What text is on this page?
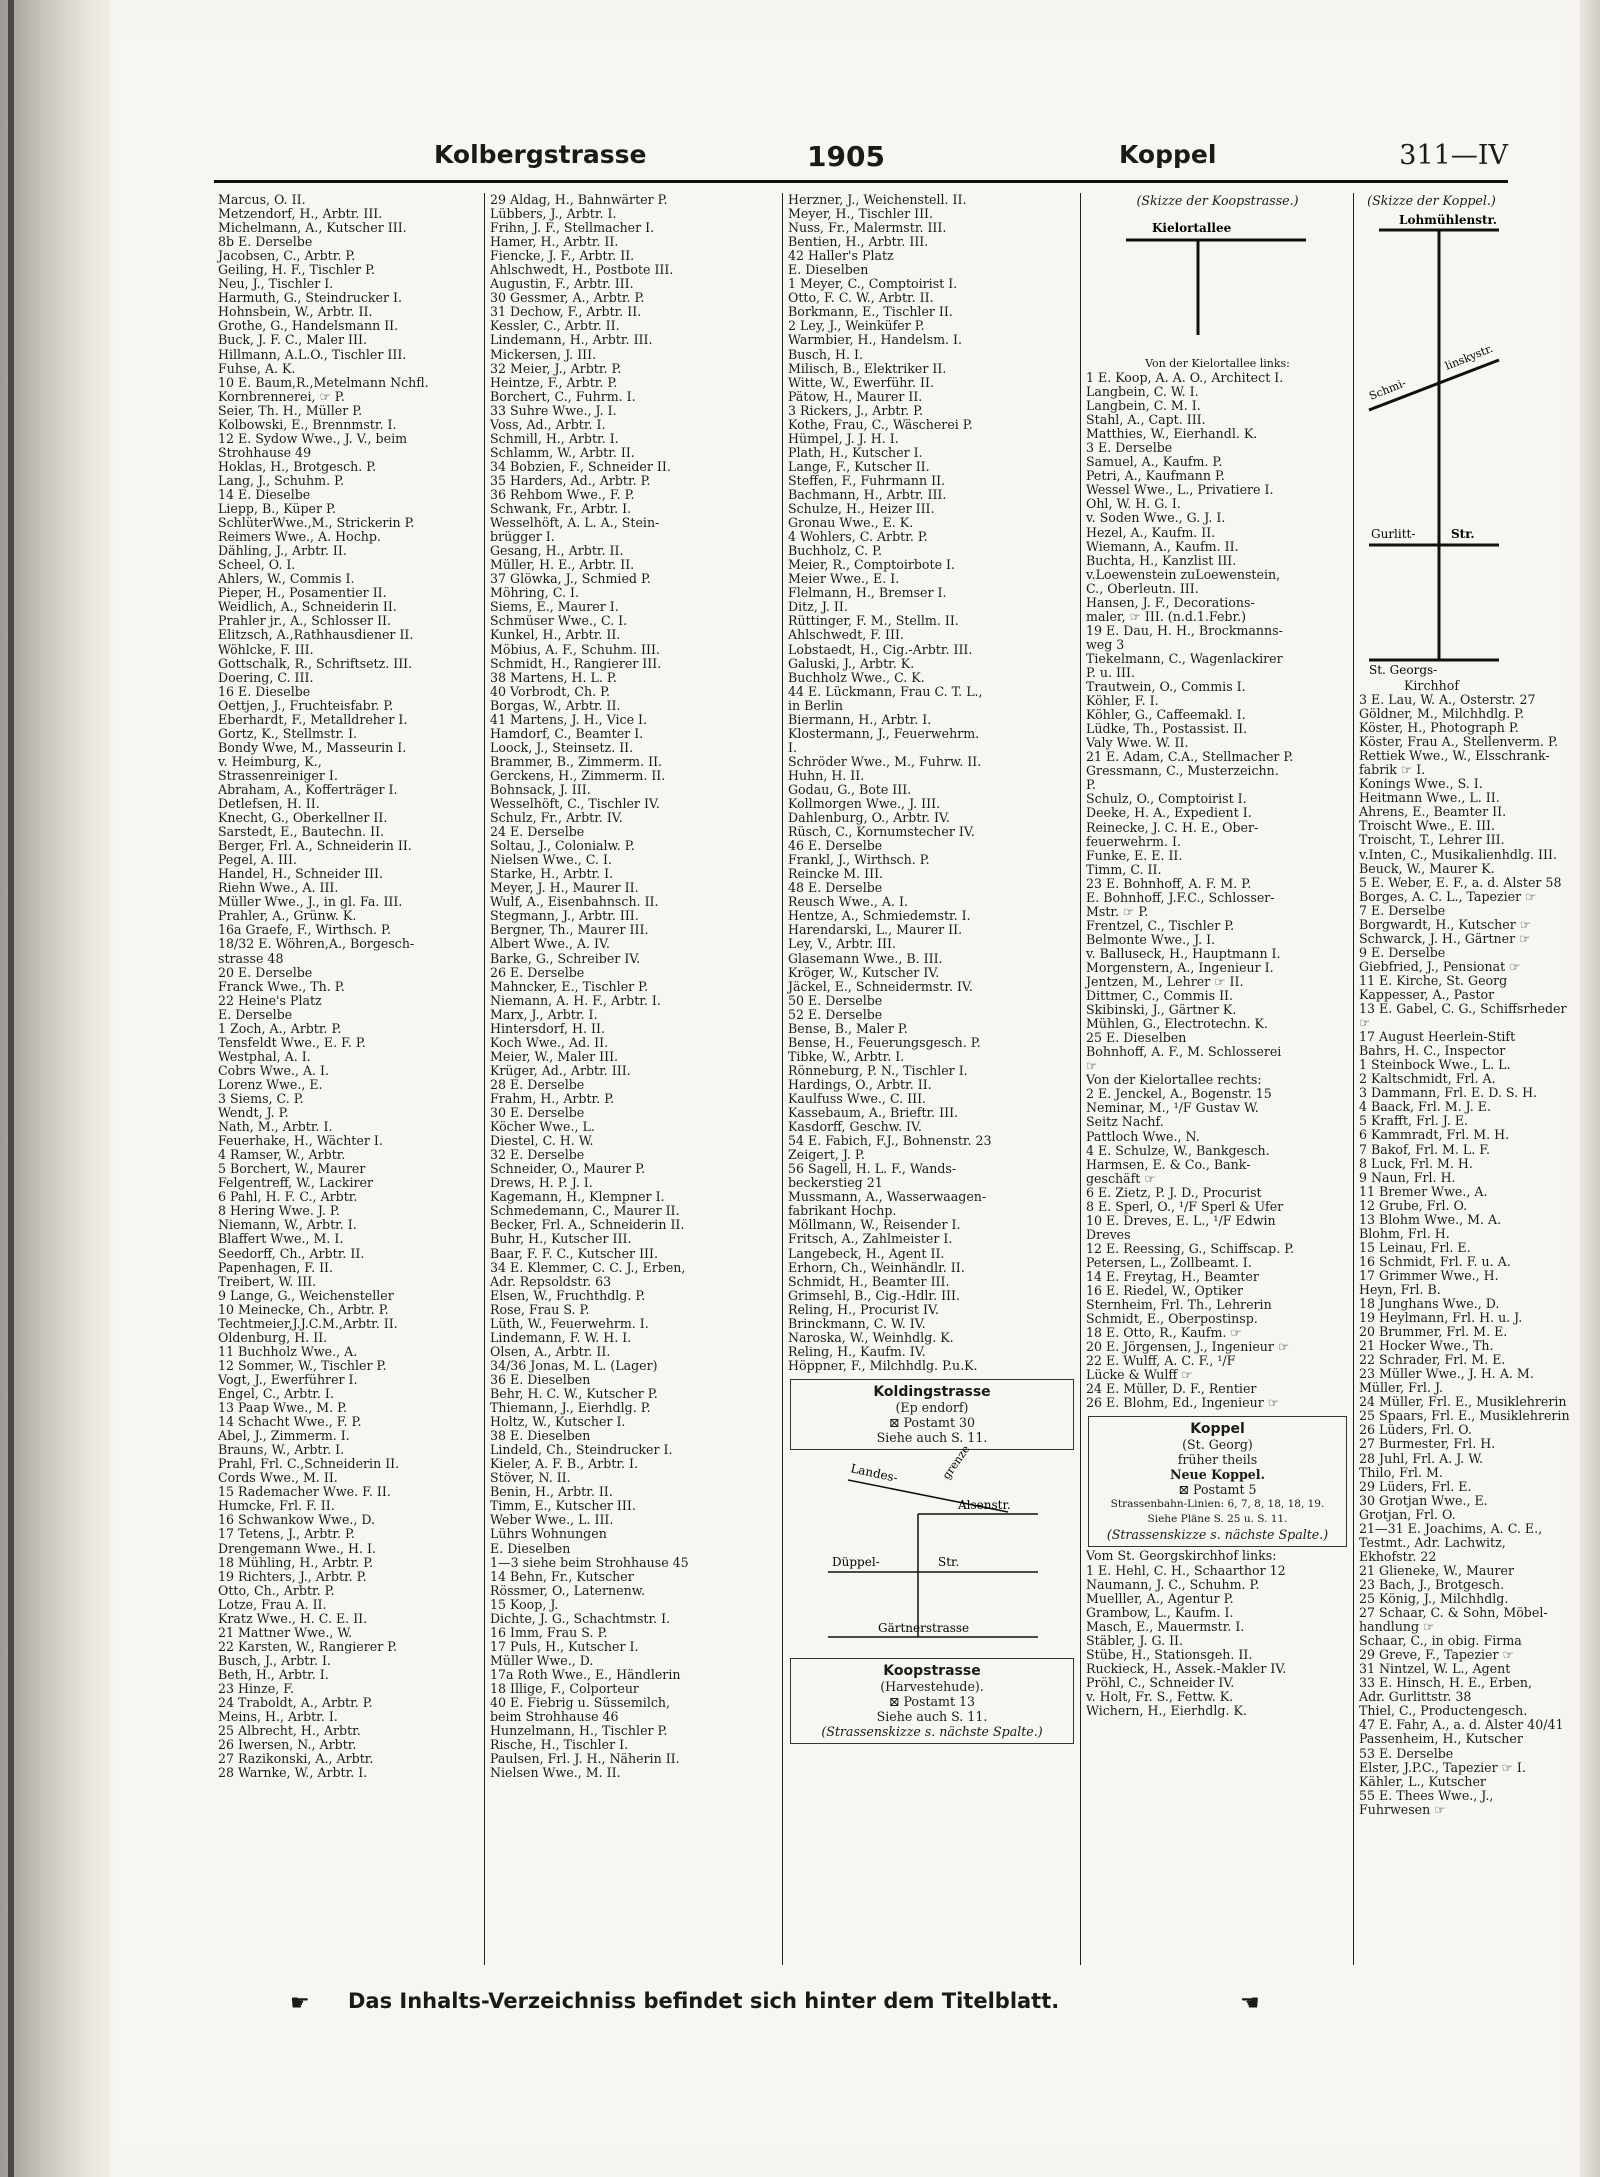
Kolbergstrasse	1905	Koppel	311—IV
Marcus, O. II.
Metzendorf, H., Arbtr. III.
Michelmann, A., Kutscher III.
8b E. Derselbe
Jacobsen, C., Arbtr. P.
Geiling, H. F., Tischler P.
Neu, J., Tischler I.
Harmuth, G., Steindrucker I.
Hohnsbein, W., Arbtr. II.
Grothe, G., Handelsmann II.
Buck, J. F. C., Maler III.
Hillmann, A.L.O., Tischler III.
Fuhse, A. K.
10 E. Baum,R.,Metelmann Nchfl.
Kornbrennerei, ☞ P.
Seier, Th. H., Müller P.
Kolbowski, E., Brennmstr. I.
12 E. Sydow Wwe., J. V., beim
Strohhause 49
Hoklas, H., Brotgesch. P.
Lang, J., Schuhm. P.
14 E. Dieselbe
Liepp, B., Küper P.
SchlüterWwe.,M., Strickerin P.
Reimers Wwe., A. Hochp.
Dähling, J., Arbtr. II.
Scheel, O. I.
Ahlers, W., Commis I.
Pieper, H., Posamentier II.
Weidlich, A., Schneiderin II.
Prahler jr., A., Schlosser II.
Elitzsch, A.,Rathhausdiener II.
Wöhlcke, F. III.
Gottschalk, R., Schriftsetz. III.
Doering, C. III.
16 E. Dieselbe
Oettjen, J., Fruchteisfabr. P.
Eberhardt, F., Metalldreher I.
Gortz, K., Stellmstr. I.
Bondy Wwe, M., Masseurin I.
v. Heimburg, K.,
Strassenreiniger I.
Abraham, A., Kofferträger I.
Detlefsen, H. II.
Knecht, G., Oberkellner II.
Sarstedt, E., Bautechn. II.
Berger, Frl. A., Schneiderin II.
Pegel, A. III.
Handel, H., Schneider III.
Riehn Wwe., A. III.
Müller Wwe., J., in gl. Fa. III.
Prahler, A., Grünw. K.
16a Graefe, F., Wirthsch. P.
18/32 E. Wöhren,A., Borgesch-
strasse 48
20 E. Derselbe
Franck Wwe., Th. P.
22 Heine's Platz
E. Derselbe
1 Zoch, A., Arbtr. P.
Tensfeldt Wwe., E. F. P.
Westphal, A. I.
Cobrs Wwe., A. I.
Lorenz Wwe., E.
3 Siems, C. P.
Wendt, J. P.
Nath, M., Arbtr. I.
Feuerhake, H., Wächter I.
4 Ramser, W., Arbtr.
5 Borchert, W., Maurer
Felgentreff, W., Lackirer
6 Pahl, H. F. C., Arbtr.
8 Hering Wwe. J. P.
Niemann, W., Arbtr. I.
Blaffert Wwe., M. I.
Seedorff, Ch., Arbtr. II.
Papenhagen, F. II.
Treibert, W. III.
9 Lange, G., Weichensteller
10 Meinecke, Ch., Arbtr. P.
Techtmeier,J.J.C.M.,Arbtr. II.
Oldenburg, H. II.
11 Buchholz Wwe., A.
12 Sommer, W., Tischler P.
Vogt, J., Ewerführer I.
Engel, C., Arbtr. I.
13 Paap Wwe., M. P.
14 Schacht Wwe., F. P.
Abel, J., Zimmerm. I.
Brauns, W., Arbtr. I.
Prahl, Frl. C.,Schneiderin II.
Cords Wwe., M. II.
15 Rademacher Wwe. F. II.
Humcke, Frl. F. II.
16 Schwankow Wwe., D.
17 Tetens, J., Arbtr. P.
Drengemann Wwe., H. I.
18 Mühling, H., Arbtr. P.
19 Richters, J., Arbtr. P.
Otto, Ch., Arbtr. P.
Lotze, Frau A. II.
Kratz Wwe., H. C. E. II.
21 Mattner Wwe., W.
22 Karsten, W., Rangierer P.
Busch, J., Arbtr. I.
Beth, H., Arbtr. I.
23 Hinze, F.
24 Traboldt, A., Arbtr. P.
Meins, H., Arbtr. I.
25 Albrecht, H., Arbtr.
26 Iwersen, N., Arbtr.
27 Razikonski, A., Arbtr.
28 Warnke, W., Arbtr. I.
29 Aldag, H., Bahnwärter P.
Lübbers, J., Arbtr. I.
Frihn, J. F., Stellmacher I.
Hamer, H., Arbtr. II.
Fiencke, J. F., Arbtr. II.
Ahlschwedt, H., Postbote III.
Augustin, F., Arbtr. III.
30 Gessmer, A., Arbtr. P.
31 Dechow, F., Arbtr. II.
Kessler, C., Arbtr. II.
Lindemann, H., Arbtr. III.
Mickersen, J. III.
32 Meier, J., Arbtr. P.
Heintze, F., Arbtr. P.
Borchert, C., Fuhrm. I.
33 Suhre Wwe., J. I.
Voss, Ad., Arbtr. I.
Schmill, H., Arbtr. I.
Schlamm, W., Arbtr. II.
34 Bobzien, F., Schneider II.
35 Harders, Ad., Arbtr. P.
36 Rehbom Wwe., F. P.
Schwank, Fr., Arbtr. I.
Wesselhöft, A. L. A., Stein-
brügger I.
Gesang, H., Arbtr. II.
Müller, H. E., Arbtr. II.
37 Glöwka, J., Schmied P.
Möhring, C. I.
Siems, E., Maurer I.
Schmüser Wwe., C. I.
Kunkel, H., Arbtr. II.
Möbius, A. F., Schuhm. III.
Schmidt, H., Rangierer III.
38 Martens, H. L. P.
40 Vorbrodt, Ch. P.
Borgas, W., Arbtr. II.
41 Martens, J. H., Vice I.
Hamdorf, C., Beamter I.
Loock, J., Steinsetz. II.
Brammer, B., Zimmerm. II.
Gerckens, H., Zimmerm. II.
Bohnsack, J. III.
Wesselhöft, C., Tischler IV.
Schulz, Fr., Arbtr. IV.
24 E. Derselbe
Soltau, J., Colonialw. P.
Nielsen Wwe., C. I.
Starke, H., Arbtr. I.
Meyer, J. H., Maurer II.
Wulf, A., Eisenbahnsch. II.
Stegmann, J., Arbtr. III.
Bergner, Th., Maurer III.
Albert Wwe., A. IV.
Barke, G., Schreiber IV.
26 E. Derselbe
Mahncker, E., Tischler P.
Niemann, A. H. F., Arbtr. I.
Marx, J., Arbtr. I.
Hintersdorf, H. II.
Koch Wwe., Ad. II.
Meier, W., Maler III.
Krüger, Ad., Arbtr. III.
28 E. Derselbe
Frahm, H., Arbtr. P.
30 E. Derselbe
Köcher Wwe., L.
Diestel, C. H. W.
32 E. Derselbe
Schneider, O., Maurer P.
Drews, H. P. J. I.
Kagemann, H., Klempner I.
Schmedemann, C., Maurer II.
Becker, Frl. A., Schneiderin II.
Buhr, H., Kutscher III.
Baar, F. F. C., Kutscher III.
34 E. Klemmer, C. C. J., Erben,
Adr. Repsoldstr. 63
Elsen, W., Fruchthdlg. P.
Rose, Frau S. P.
Lüth, W., Feuerwehrm. I.
Lindemann, F. W. H. I.
Olsen, A., Arbtr. II.
34/36 Jonas, M. L. (Lager)
36 E. Dieselben
Behr, H. C. W., Kutscher P.
Thiemann, J., Eierhdlg. P.
Holtz, W., Kutscher I.
38 E. Dieselben
Lindeld, Ch., Steindrucker I.
Kieler, A. F. B., Arbtr. I.
Stöver, N. II.
Benin, H., Arbtr. II.
Timm, E., Kutscher III.
Weber Wwe., L. III.
Lührs Wohnungen
E. Dieselben
1—3 siehe beim Strohhause 45
14 Behn, Fr., Kutscher
Rössmer, O., Laternenw.
15 Koop, J.
Dichte, J. G., Schachtmstr. I.
16 Imm, Frau S. P.
17 Puls, H., Kutscher I.
Müller Wwe., D.
17a Roth Wwe., E., Händlerin
18 Illige, F., Colporteur
40 E. Fiebrig u. Süssemilch,
beim Strohhause 46
Hunzelmann, H., Tischler P.
Rische, H., Tischler I.
Paulsen, Frl. J. H., Näherin II.
Nielsen Wwe., M. II.
Herzner, J., Weichenstell. II.
Meyer, H., Tischler III.
Nuss, Fr., Malermstr. III.
Bentien, H., Arbtr. III.
42 Haller's Platz
E. Dieselben
1 Meyer, C., Comptoirist I.
Otto, F. C. W., Arbtr. II.
Borkmann, E., Tischler II.
2 Ley, J., Weinküfer P.
Warmbier, H., Handelsm. I.
Busch, H. I.
Milisch, B., Elektriker II.
Witte, W., Ewerführ. II.
Pätow, H., Maurer II.
3 Rickers, J., Arbtr. P.
Kothe, Frau, C., Wäscherei P.
Hümpel, J. J. H. I.
Plath, H., Kutscher I.
Lange, F., Kutscher II.
Steffen, F., Fuhrmann II.
Bachmann, H., Arbtr. III.
Schulze, H., Heizer III.
Gronau Wwe., E. K.
4 Wohlers, C. Arbtr. P.
Buchholz, C. P.
Meier, R., Comptoirbote I.
Meier Wwe., E. I.
Flelmann, H., Bremser I.
Ditz, J. II.
Rüttinger, F. M., Stellm. II.
Ahlschwedt, F. III.
Lobstaedt, H., Cig.-Arbtr. III.
Galuski, J., Arbtr. K.
Buchholz Wwe., C. K.
44 E. Lückmann, Frau C. T. L.,
in Berlin
Biermann, H., Arbtr. I.
Klostermann, J., Feuerwehrm.
I.
Schröder Wwe., M., Fuhrw. II.
Huhn, H. II.
Godau, G., Bote III.
Kollmorgen Wwe., J. III.
Dahlenburg, O., Arbtr. IV.
Rüsch, C., Kornumstecher IV.
46 E. Derselbe
Frankl, J., Wirthsch. P.
Reincke M. III.
48 E. Derselbe
Reusch Wwe., A. I.
Hentze, A., Schmiedemstr. I.
Harendarski, L., Maurer II.
Ley, V., Arbtr. III.
Glasemann Wwe., B. III.
Kröger, W., Kutscher IV.
Jäckel, E., Schneidermstr. IV.
50 E. Derselbe
52 E. Derselbe
Bense, B., Maler P.
Bense, H., Feuerungsgesch. P.
Tibke, W., Arbtr. I.
Rönneburg, P. N., Tischler I.
Hardings, O., Arbtr. II.
Kaulfuss Wwe., C. III.
Kassebaum, A., Brieftr. III.
Kasdorff, Geschw. IV.
54 E. Fabich, F.J., Bohnenstr. 23
Zeigert, J. P.
56 Sagell, H. L. F., Wands-
beckerstieg 21
Mussmann, A., Wasserwaagen-
fabrikant Hochp.
Möllmann, W., Reisender I.
Fritsch, A., Zahlmeister I.
Langebeck, H., Agent II.
Erhorn, Ch., Weinhändlr. II.
Schmidt, H., Beamter III.
Grimsehl, B., Cig.-Hdlr. III.
Reling, H., Procurist IV.
Brinckmann, C. W. IV.
Naroska, W., Weinhdlg. K.
Reling, H., Kaufm. IV.
Höppner, F., Milchhdlg. P.u.K.
Koldingstrasse
(Ep endorf)
⊠ Postamt 30
Siehe auch S. 11.
Landes-	grenze
Alsenstr.
Düppel-	Str.
Gärtnerstrasse
Koopstrasse
(Harvestehude).
⊠ Postamt 13
Siehe auch S. 11.
(Strassenskizze s. nächste Spalte.)
(Skizze der Koopstrasse.)
Kielortallee
Von der Kielortallee links:
1 E. Koop, A. A. O., Architect I.
Langbein, C. W. I.
Langbein, C. M. I.
Stahl, A., Capt. III.
Matthies, W., Eierhandl. K.
3 E. Derselbe
Samuel, A., Kaufm. P.
Petri, A., Kaufmann P.
Wessel Wwe., L., Privatiere I.
Ohl, W. H. G. I.
v. Soden Wwe., G. J. I.
Hezel, A., Kaufm. II.
Wiemann, A., Kaufm. II.
Buchta, H., Kanzlist III.
v.Loewenstein zuLoewenstein,
C., Oberleutn. III.
Hansen, J. F., Decorations-
maler, ☞ III. (n.d.1.Febr.)
19 E. Dau, H. H., Brockmanns-
weg 3
Tiekelmann, C., Wagenlackirer
P. u. III.
Trautwein, O., Commis I.
Köhler, F. I.
Köhler, G., Caffeemakl. I.
Lüdke, Th., Postassist. II.
Valy Wwe. W. II.
21 E. Adam, C.A., Stellmacher P.
Gressmann, C., Musterzeichn.
P.
Schulz, O., Comptoirist I.
Deeke, H. A., Expedient I.
Reinecke, J. C. H. E., Ober-
feuerwehrm. I.
Funke, E. E. II.
Timm, C. II.
23 E. Bohnhoff, A. F. M. P.
E. Bohnhoff, J.F.C., Schlosser-
Mstr. ☞ P.
Frentzel, C., Tischler P.
Belmonte Wwe., J. I.
v. Balluseck, H., Hauptmann I.
Morgenstern, A., Ingenieur I.
Jentzen, M., Lehrer ☞ II.
Dittmer, C., Commis II.
Skibinski, J., Gärtner K.
Mühlen, G., Electrotechn. K.
25 E. Dieselben
Bohnhoff, A. F., M. Schlosserei
☞
Von der Kielortallee rechts:
2 E. Jenckel, A., Bogenstr. 15
Neminar, M., ¹/F Gustav W.
Seitz Nachf.
Pattloch Wwe., N.
4 E. Schulze, W., Bankgesch.
Harmsen, E. & Co., Bank-
geschäft ☞
6 E. Zietz, P. J. D., Procurist
8 E. Sperl, O., ¹/F Sperl & Ufer
10 E. Dreves, E. L., ¹/F Edwin
Dreves
12 E. Reessing, G., Schiffscap. P.
Petersen, L., Zollbeamt. I.
14 E. Freytag, H., Beamter
16 E. Riedel, W., Optiker
Sternheim, Frl. Th., Lehrerin
Schmidt, E., Oberpostinsp.
18 E. Otto, R., Kaufm. ☞
20 E. Jörgensen, J., Ingenieur ☞
22 E. Wulff, A. C. F., ¹/F
Lücke & Wulff ☞
24 E. Müller, D. F., Rentier
26 E. Blohm, Ed., Ingenieur ☞
Koppel
(St. Georg)
früher theils
Neue Koppel.
⊠ Postamt 5
Strassenbahn-Linien: 6, 7, 8, 18, 18, 19.
Siehe Pläne S. 25 u. S. 11.
(Strassenskizze s. nächste Spalte.)
Vom St. Georgskirchhof links:
1 E. Hehl, C. H., Schaarthor 12
Naumann, J. C., Schuhm. P.
Muelller, A., Agentur P.
Grambow, L., Kaufm. I.
Masch, E., Mauermstr. I.
Stäbler, J. G. II.
Stübe, H., Stationsgeh. II.
Ruckieck, H., Assek.-Makler IV.
Pröhl, C., Schneider IV.
v. Holt, Fr. S., Fettw. K.
Wichern, H., Eierhdlg. K.
(Skizze der Koppel.)
Lohmühlenstr.
Schmi-
linskystr.
Gurlitt-	Str.
St. Georgs-
Kirchhof
3 E. Lau, W. A., Osterstr. 27
Göldner, M., Milchhdlg. P.
Köster, H., Photograph P.
Köster, Frau A., Stellenverm. P.
Rettiek Wwe., W., Elsschrank-
fabrik ☞ I.
Konings Wwe., S. I.
Heitmann Wwe., L. II.
Ahrens, E., Beamter II.
Troischt Wwe., E. III.
Troischt, T., Lehrer III.
v.Inten, C., Musikalienhdlg. III.
Beuck, W., Maurer K.
5 E. Weber, E. F., a. d. Alster 58
Borges, A. C. L., Tapezier ☞
7 E. Derselbe
Borgwardt, H., Kutscher ☞
Schwarck, J. H., Gärtner ☞
9 E. Derselbe
Giebfried, J., Pensionat ☞
11 E. Kirche, St. Georg
Kappesser, A., Pastor
13 E. Gabel, C. G., Schiffsrheder
☞
17 August Heerlein-Stift
Bahrs, H. C., Inspector
1 Steinbock Wwe., L. L.
2 Kaltschmidt, Frl. A.
3 Dammann, Frl. E. D. S. H.
4 Baack, Frl. M. J. E.
5 Krafft, Frl. J. E.
6 Kammradt, Frl. M. H.
7 Bakof, Frl. M. L. F.
8 Luck, Frl. M. H.
9 Naun, Frl. H.
11 Bremer Wwe., A.
12 Grube, Frl. O.
13 Blohm Wwe., M. A.
Blohm, Frl. H.
15 Leinau, Frl. E.
16 Schmidt, Frl. F. u. A.
17 Grimmer Wwe., H.
Heyn, Frl. B.
18 Junghans Wwe., D.
19 Heylmann, Frl. H. u. J.
20 Brummer, Frl. M. E.
21 Hocker Wwe., Th.
22 Schrader, Frl. M. E.
23 Müller Wwe., J. H. A. M.
Müller, Frl. J.
24 Müller, Frl. E., Musiklehrerin
25 Spaars, Frl. E., Musiklehrerin
26 Lüders, Frl. O.
27 Burmester, Frl. H.
28 Juhl, Frl. A. J. W.
Thilo, Frl. M.
29 Lüders, Frl. E.
30 Grotjan Wwe., E.
Grotjan, Frl. O.
21—31 E. Joachims, A. C. E.,
Testmt., Adr. Lachwitz,
Ekhofstr. 22
21 Glieneke, W., Maurer
23 Bach, J., Brotgesch.
25 König, J., Milchhdlg.
27 Schaar, C. & Sohn, Möbel-
handlung ☞
Schaar, C., in obig. Firma
29 Greve, F., Tapezier ☞
31 Nintzel, W. L., Agent
33 E. Hinsch, H. E., Erben,
Adr. Gurlittstr. 38
Thiel, C., Productengesch.
47 E. Fahr, A., a. d. Alster 40/41
Passenheim, H., Kutscher
53 E. Derselbe
Elster, J.P.C., Tapezier ☞ I.
Kähler, L., Kutscher
55 E. Thees Wwe., J.,
Fuhrwesen ☞
☛ Das Inhalts-Verzeichniss befindet sich hinter dem Titelblatt.	☚
